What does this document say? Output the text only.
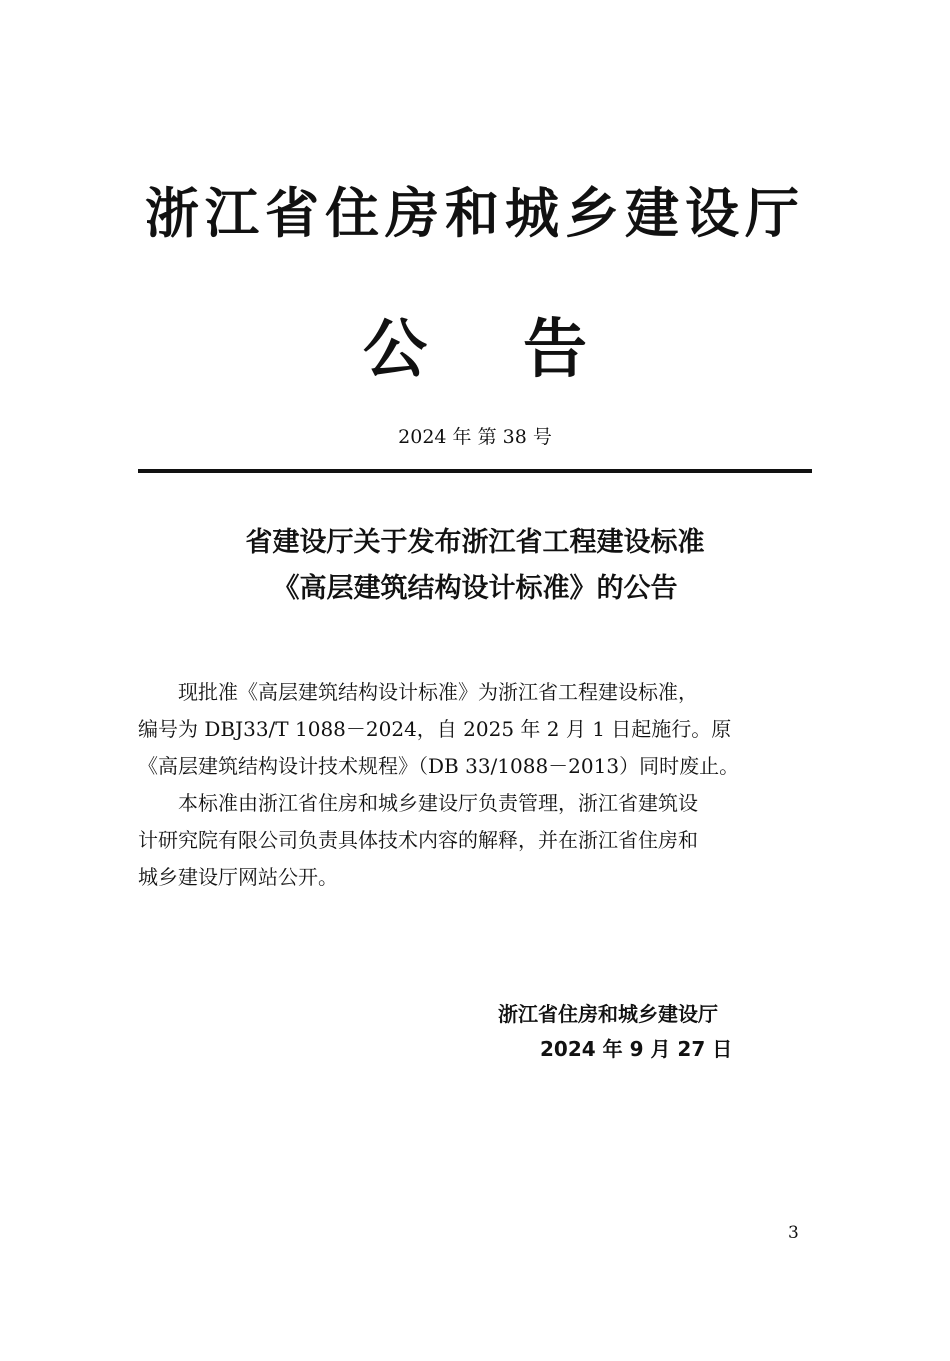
浙江省住房和城乡建设厅
公 告
2024 年 第 38 号
省建设厅关于发布浙江省工程建设标准
《高层建筑结构设计标准》的公告

　　现批准《高层建筑结构设计标准》为浙江省工程建设标准，
编号为 DBJ33/T 1088－2024，自 2025 年 2 月 1 日起施行。原
《高层建筑结构设计技术规程》（DB 33/1088－2013）同时废止。

　　本标准由浙江省住房和城乡建设厅负责管理，浙江省建筑设
计研究院有限公司负责具体技术内容的解释，并在浙江省住房和
城乡建设厅网站公开。

浙江省住房和城乡建设厅
2024 年 9 月 27 日
3
